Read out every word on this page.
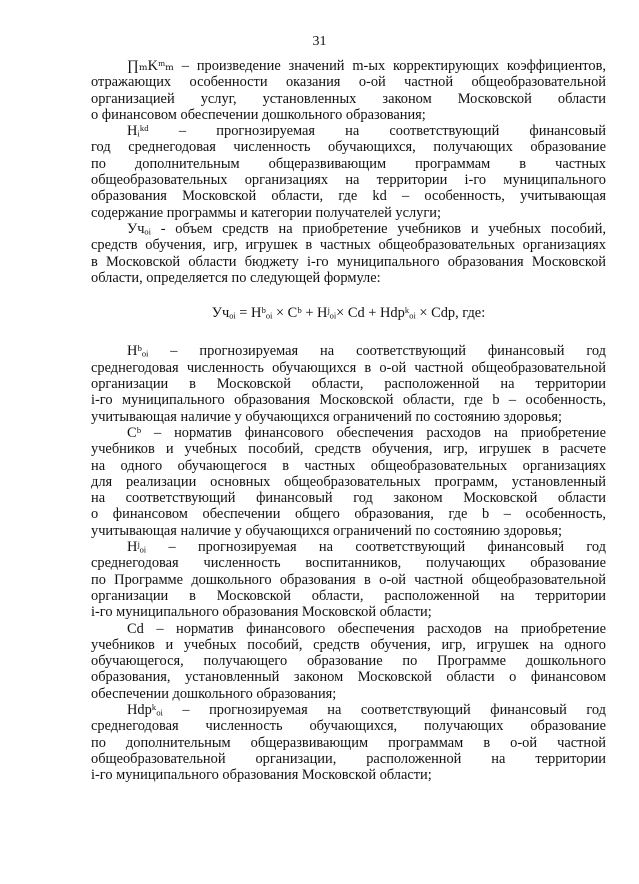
31
∏ₘKᵐₘ – произведение значений m-ых корректирующих коэффициентов,
отражающих особенности оказания о-ой частной общеобразовательной
организацией услуг, установленных законом Московской области
о финансовом обеспечении дошкольного образования;
Hᵢᵏᵈ – прогнозируемая на соответствующий финансовый
год среднегодовая численность обучающихся, получающих образование
по дополнительным общеразвивающим программам в частных
общеобразовательных организациях на территории i-го муниципального
образования Московской области, где kd – особенность, учитывающая
содержание программы и категории получателей услуги;
Учₒᵢ - объем средств на приобретение учебников и учебных пособий,
средств обучения, игр, игрушек в частных общеобразовательных организациях
в Московской области бюджету i-го муниципального образования Московской
области, определяется по следующей формуле:
Учₒᵢ = Hᵇₒᵢ × Cᵇ + Hʲₒᵢ× Cd + Hdpᵏₒᵢ × Cdp, где:
Hᵇₒᵢ – прогнозируемая на соответствующий финансовый год
среднегодовая численность обучающихся в о-ой частной общеобразовательной
организации в Московской области, расположенной на территории
i-го муниципального образования Московской области, где b – особенность,
учитывающая наличие у обучающихся ограничений по состоянию здоровья;
Cᵇ – норматив финансового обеспечения расходов на приобретение
учебников и учебных пособий, средств обучения, игр, игрушек в расчете
на одного обучающегося в частных общеобразовательных организациях
для реализации основных общеобразовательных программ, установленный
на соответствующий финансовый год законом Московской области
о финансовом обеспечении общего образования, где b – особенность,
учитывающая наличие у обучающихся ограничений по состоянию здоровья;
Hʲₒᵢ – прогнозируемая на соответствующий финансовый год
среднегодовая численность воспитанников, получающих образование
по Программе дошкольного образования в о-ой частной общеобразовательной
организации в Московской области, расположенной на территории
i-го муниципального образования Московской области;
Cd – норматив финансового обеспечения расходов на приобретение
учебников и учебных пособий, средств обучения, игр, игрушек на одного
обучающегося, получающего образование по Программе дошкольного
образования, установленный законом Московской области о финансовом
обеспечении дошкольного образования;
Hdpᵏₒᵢ – прогнозируемая на соответствующий финансовый год
среднегодовая численность обучающихся, получающих образование
по дополнительным общеразвивающим программам в о-ой частной
общеобразовательной организации, расположенной на территории
i-го муниципального образования Московской области;
